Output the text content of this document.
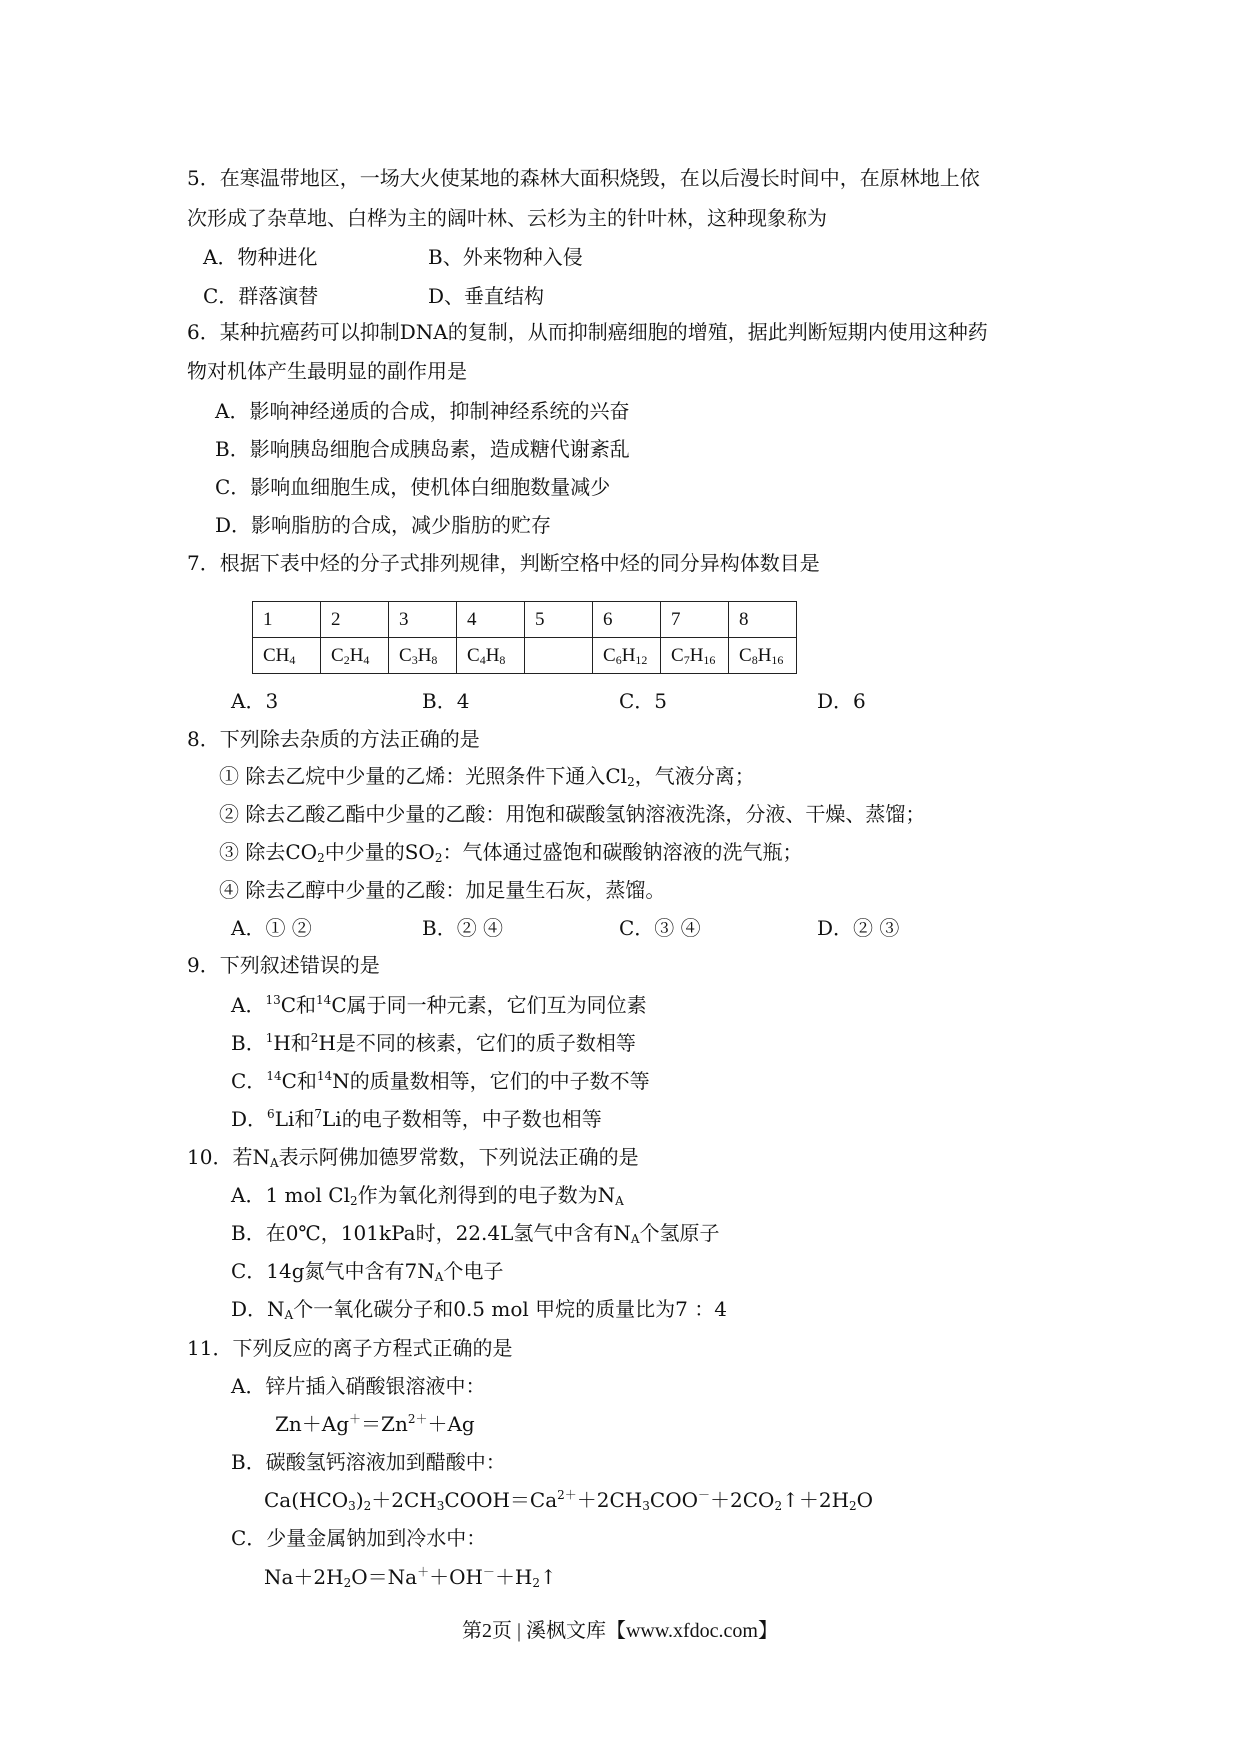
5．在寒温带地区，一场大火使某地的森林大面积烧毁，在以后漫长时间中，在原林地上依
次形成了杂草地、白桦为主的阔叶林、云杉为主的针叶林，这种现象称为
A．物种进化	B、外来物种入侵
C．群落演替	D、垂直结构
6．某种抗癌药可以抑制DNA的复制，从而抑制癌细胞的增殖，据此判断短期内使用这种药
物对机体产生最明显的副作用是
A．影响神经递质的合成，抑制神经系统的兴奋
B．影响胰岛细胞合成胰岛素，造成糖代谢紊乱
C．影响血细胞生成，使机体白细胞数量减少
D．影响脂肪的合成，减少脂肪的贮存
7．根据下表中烃的分子式排列规律，判断空格中烃的同分异构体数目是
1	2	3	4	5	6	7	8
$CH_4$	$C_2H_4$	$C_3H_8$	$C_4H_8$		$C_6H_{12}$	$C_7H_{16}$	$C_8H_{16}$
A．3	B．4	C．5	D．6
8．下列除去杂质的方法正确的是
① 除去乙烷中少量的乙烯：光照条件下通入$Cl_2$，气液分离；
② 除去乙酸乙酯中少量的乙酸：用饱和碳酸氢钠溶液洗涤，分液、干燥、蒸馏；
③ 除去$CO_2$中少量的$SO_2$：气体通过盛饱和碳酸钠溶液的洗气瓶；
④ 除去乙醇中少量的乙酸：加足量生石灰，蒸馏。
A．① ②	B．② ④	C．③ ④	D．② ③
9．下列叙述错误的是
A．$^{13}$C和$^{14}$C属于同一种元素，它们互为同位素
B．$^1$H和$^2$H是不同的核素，它们的质子数相等
C．$^{14}$C和$^{14}$N的质量数相等，它们的中子数不等
D．$^6$Li和$^7$Li的电子数相等，中子数也相等
10．若$N_A$表示阿佛加德罗常数，下列说法正确的是
A．1 mol $Cl_2$作为氧化剂得到的电子数为$N_A$
B．在0℃，101kPa时，22.4L氢气中含有$N_A$个氢原子
C．14g氮气中含有$7N_A$个电子
D．$N_A$个一氧化碳分子和0.5 mol 甲烷的质量比为7 ：4
11．下列反应的离子方程式正确的是
A．锌片插入硝酸银溶液中：
$Zn+Ag^+=Zn^{2+}+Ag$
B．碳酸氢钙溶液加到醋酸中：
$Ca(HCO_3)_2+2CH_3COOH=Ca^{2+}+2CH_3COO^-+2CO_2↑+2H_2O$
C．少量金属钠加到冷水中：
$Na+2H_2O=Na^++OH^-+H_2↑$
第2页 | 溪枫文库【www.xfdoc.com】
